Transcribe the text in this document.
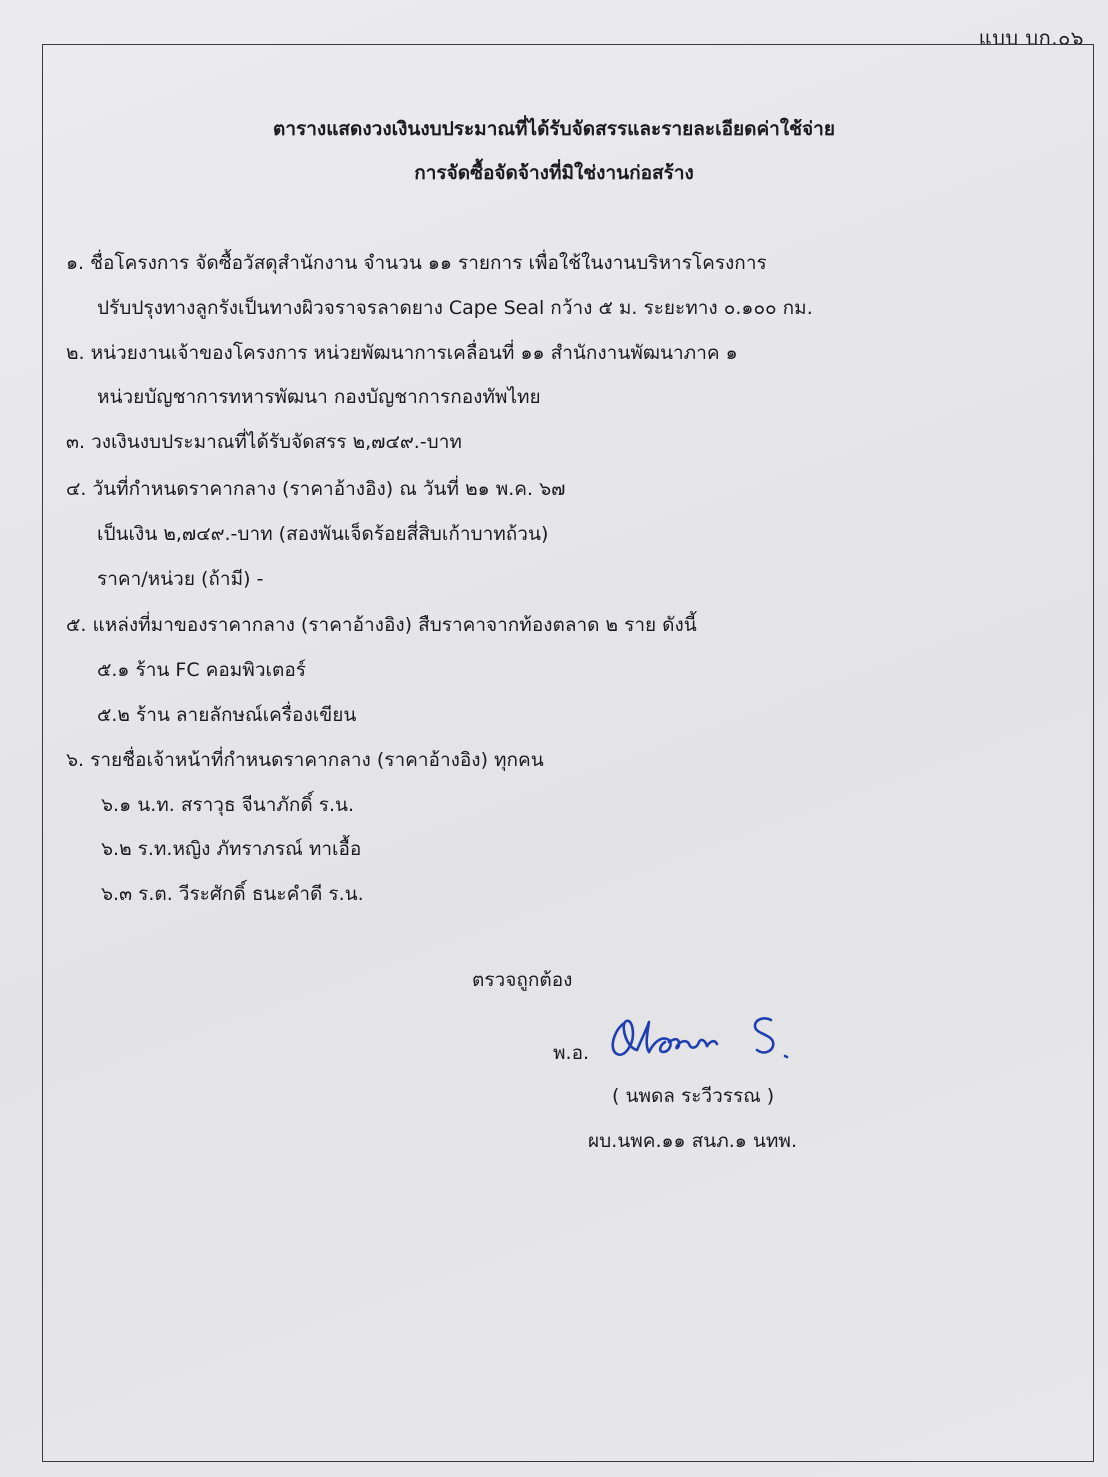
แบบ บก.๐๖
ตารางแสดงวงเงินงบประมาณที่ได้รับจัดสรรและรายละเอียดค่าใช้จ่าย
การจัดซื้อจัดจ้างที่มิใช่งานก่อสร้าง
๑. ชื่อโครงการ จัดซื้อวัสดุสำนักงาน จำนวน ๑๑ รายการ เพื่อใช้ในงานบริหารโครงการ
ปรับปรุงทางลูกรังเป็นทางผิวจราจรลาดยาง Cape Seal กว้าง ๕ ม. ระยะทาง ๐.๑๐๐ กม.
๒. หน่วยงานเจ้าของโครงการ หน่วยพัฒนาการเคลื่อนที่ ๑๑ สำนักงานพัฒนาภาค ๑
หน่วยบัญชาการทหารพัฒนา กองบัญชาการกองทัพไทย
๓. วงเงินงบประมาณที่ได้รับจัดสรร ๒,๗๔๙.-บาท
๔. วันที่กำหนดราคากลาง (ราคาอ้างอิง) ณ วันที่ ๒๑ พ.ค. ๖๗
เป็นเงิน ๒,๗๔๙.-บาท (สองพันเจ็ดร้อยสี่สิบเก้าบาทถ้วน)
ราคา/หน่วย (ถ้ามี) -
๕. แหล่งที่มาของราคากลาง (ราคาอ้างอิง) สืบราคาจากท้องตลาด ๒ ราย ดังนี้
๕.๑ ร้าน FC คอมพิวเตอร์
๕.๒ ร้าน ลายลักษณ์เครื่องเขียน
๖. รายชื่อเจ้าหน้าที่กำหนดราคากลาง (ราคาอ้างอิง) ทุกคน
๖.๑ น.ท. สราวุธ จีนาภักดิ์ ร.น.
๖.๒ ร.ท.หญิง ภัทราภรณ์ ทาเอื้อ
๖.๓ ร.ต. วีระศักดิ์ ธนะคำดี ร.น.
ตรวจถูกต้อง
พ.อ.
( นพดล ระวีวรรณ )
ผบ.นพค.๑๑ สนภ.๑ นทพ.
